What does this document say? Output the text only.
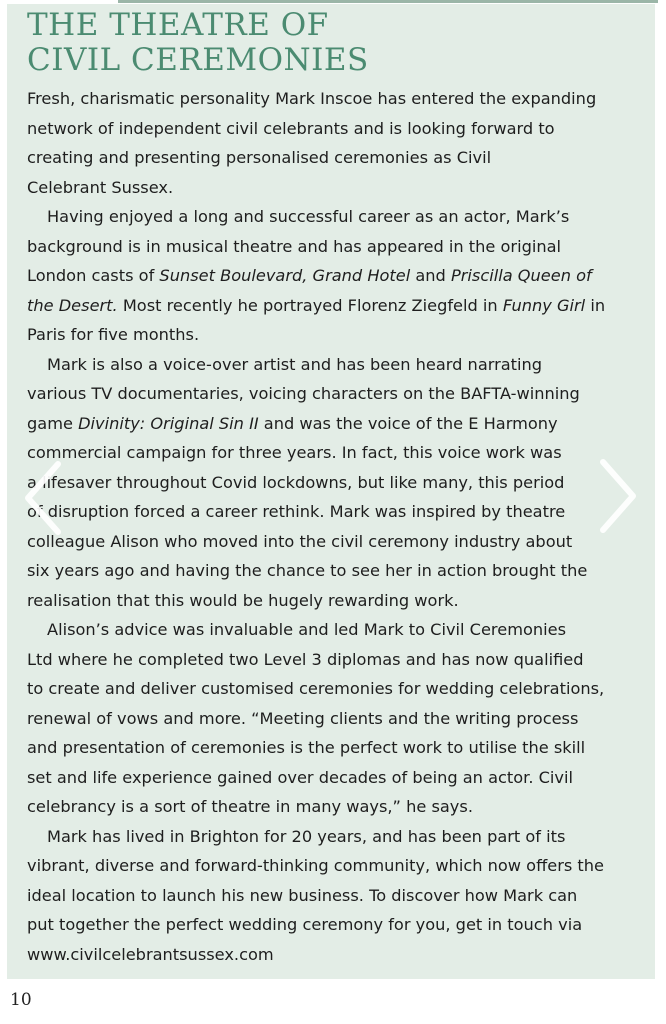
THE THEATRE OF
CIVIL CEREMONIES
Fresh, charismatic personality Mark Inscoe has entered the expanding
network of independent civil celebrants and is looking forward to
creating and presenting personalised ceremonies as Civil
Celebrant Sussex.
Having enjoyed a long and successful career as an actor, Mark’s
background is in musical theatre and has appeared in the original
London casts of Sunset Boulevard, Grand Hotel and Priscilla Queen of
the Desert. Most recently he portrayed Florenz Ziegfeld in Funny Girl in
Paris for five months.
Mark is also a voice-over artist and has been heard narrating
various TV documentaries, voicing characters on the BAFTA-winning
game Divinity: Original Sin II and was the voice of the E Harmony
commercial campaign for three years. In fact, this voice work was
a lifesaver throughout Covid lockdowns, but like many, this period
of disruption forced a career rethink. Mark was inspired by theatre
colleague Alison who moved into the civil ceremony industry about
six years ago and having the chance to see her in action brought the
realisation that this would be hugely rewarding work.
Alison’s advice was invaluable and led Mark to Civil Ceremonies
Ltd where he completed two Level 3 diplomas and has now qualified
to create and deliver customised ceremonies for wedding celebrations,
renewal of vows and more. “Meeting clients and the writing process
and presentation of ceremonies is the perfect work to utilise the skill
set and life experience gained over decades of being an actor. Civil
celebrancy is a sort of theatre in many ways,” he says.
Mark has lived in Brighton for 20 years, and has been part of its
vibrant, diverse and forward-thinking community, which now offers the
ideal location to launch his new business. To discover how Mark can
put together the perfect wedding ceremony for you, get in touch via
www.civilcelebrantsussex.com
10
